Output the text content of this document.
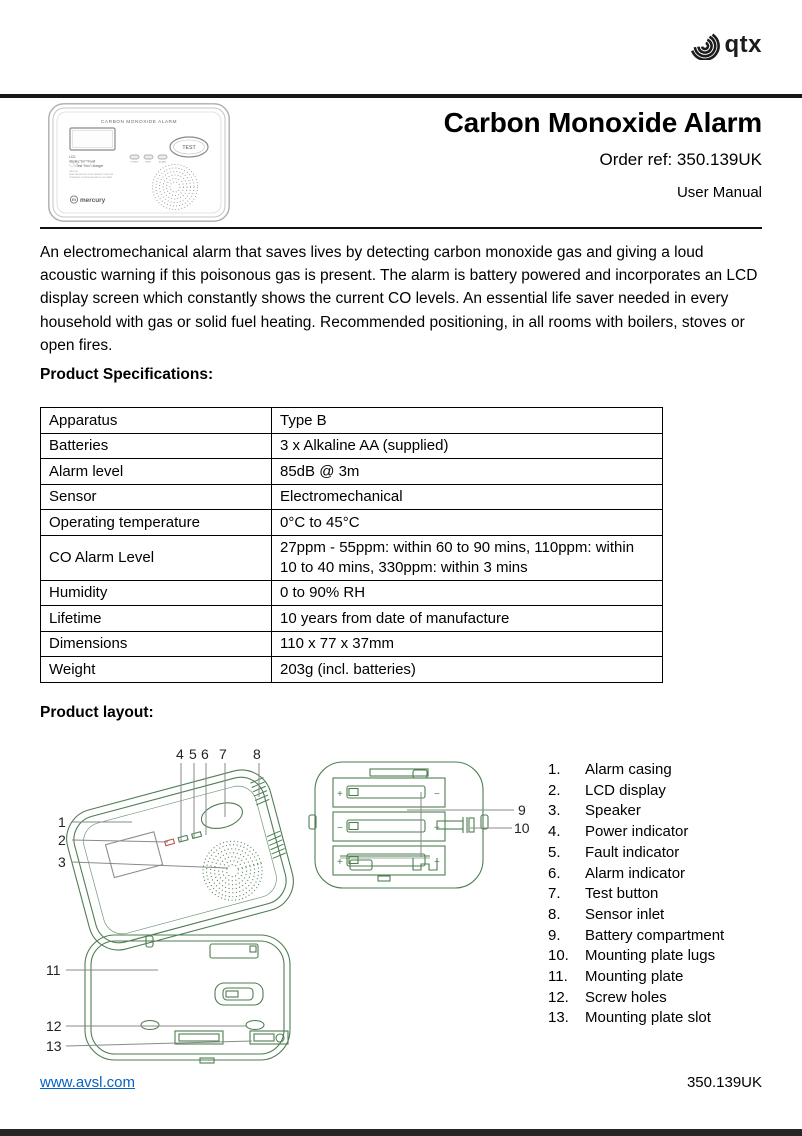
qtx
CARBON MONOXIDE ALARM
POWER	FAULT	ALARM
TEST
LCD
display:"Err"=Fault
"---"=Test "Hco"=Danger
CAUTION:
READ THE INSTRUCTIONS CAREFULLY BEFORE
OPERATING OR SERVICING AND DO NOT PAINT
m mercury
Carbon Monoxide Alarm
Order ref: 350.139UK
User Manual

An electromechanical alarm that saves lives by detecting carbon monoxide gas and giving a loud acoustic warning if this poisonous gas is present. The alarm is battery powered and incorporates an LCD display screen which constantly shows the current CO levels. An essential life saver needed in every household with gas or solid fuel heating. Recommended positioning, in all rooms with boilers, stoves or open fires.

Product Specifications:
Apparatus	Type B
Batteries	3 x Alkaline AA (supplied)
Alarm level	85dB @ 3m
Sensor	Electromechanical
Operating temperature	0°C to 45°C
CO Alarm Level	27ppm - 55ppm: within 60 to 90 mins, 110ppm: within 10 to 40 mins, 330ppm: within 3 mins
Humidity	0 to 90% RH
Lifetime	10 years from date of manufacture
Dimensions	110 x 77 x 37mm
Weight	203g (incl. batteries)
Product layout:
1
2
3
4 5 6 7 8
+	−
−	+
+	−
9
10
11
12
13
1.	Alarm casing
2.	LCD display
3.	Speaker
4.	Power indicator
5.	Fault indicator
6.	Alarm indicator
7.	Test button
8.	Sensor inlet
9.	Battery compartment
10.	Mounting plate lugs
11.	Mounting plate
12.	Screw holes
13.	Mounting plate slot
www.avsl.com	350.139UK
